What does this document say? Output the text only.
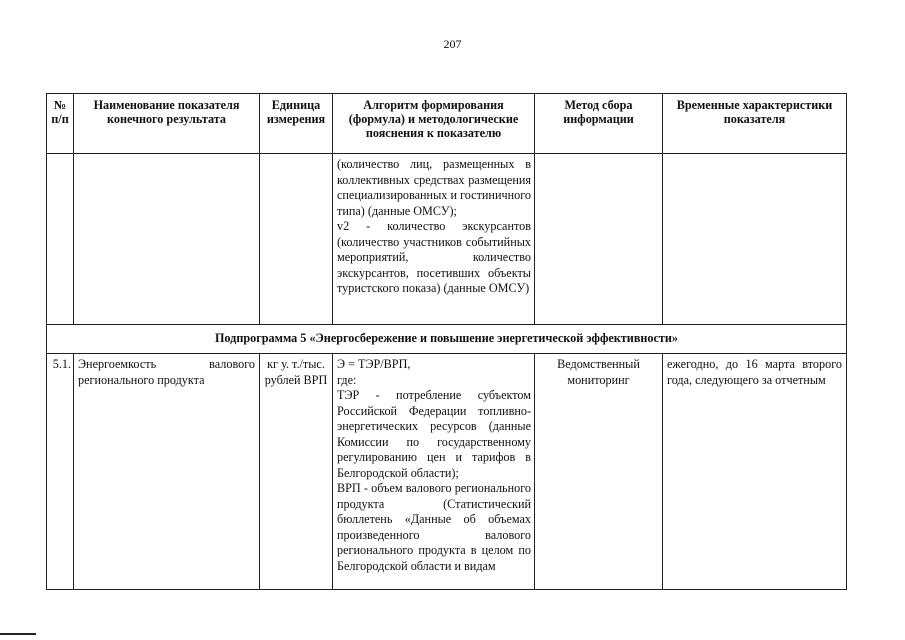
207
№ п/п	Наименование показателя конечного результата	Единица измерения	Алгоритм формирования (формула) и методологические пояснения к показателю	Метод сбора информации	Временные характеристики показателя

			(количество лиц, размещенных в коллективных средствах размещения специализированных и гостиничного типа) (данные ОМСУ);
v2 - количество экскурсантов (количество участников событийных мероприятий, количество экскурсантов, посетивших объекты туристского показа) (данные ОМСУ)		

Подпрограмма 5 «Энергосбережение и повышение энергетической эффективности»					
5.1.	Энергоемкость валового регионального продукта	кг у. т./тыс. рублей ВРП	Э = ТЭР/ВРП,
где:
ТЭР - потребление субъектом Российской Федерации топливно-энергетических ресурсов (данные Комиссии по государственному регулированию цен и тарифов в Белгородской области);
ВРП - объем валового регионального продукта (Статистический бюллетень «Данные об объемах произведенного валового регионального продукта в целом по Белгородской области и видам	Ведомственный мониторинг	ежегодно, до 16 марта второго года, следующего за отчетным
